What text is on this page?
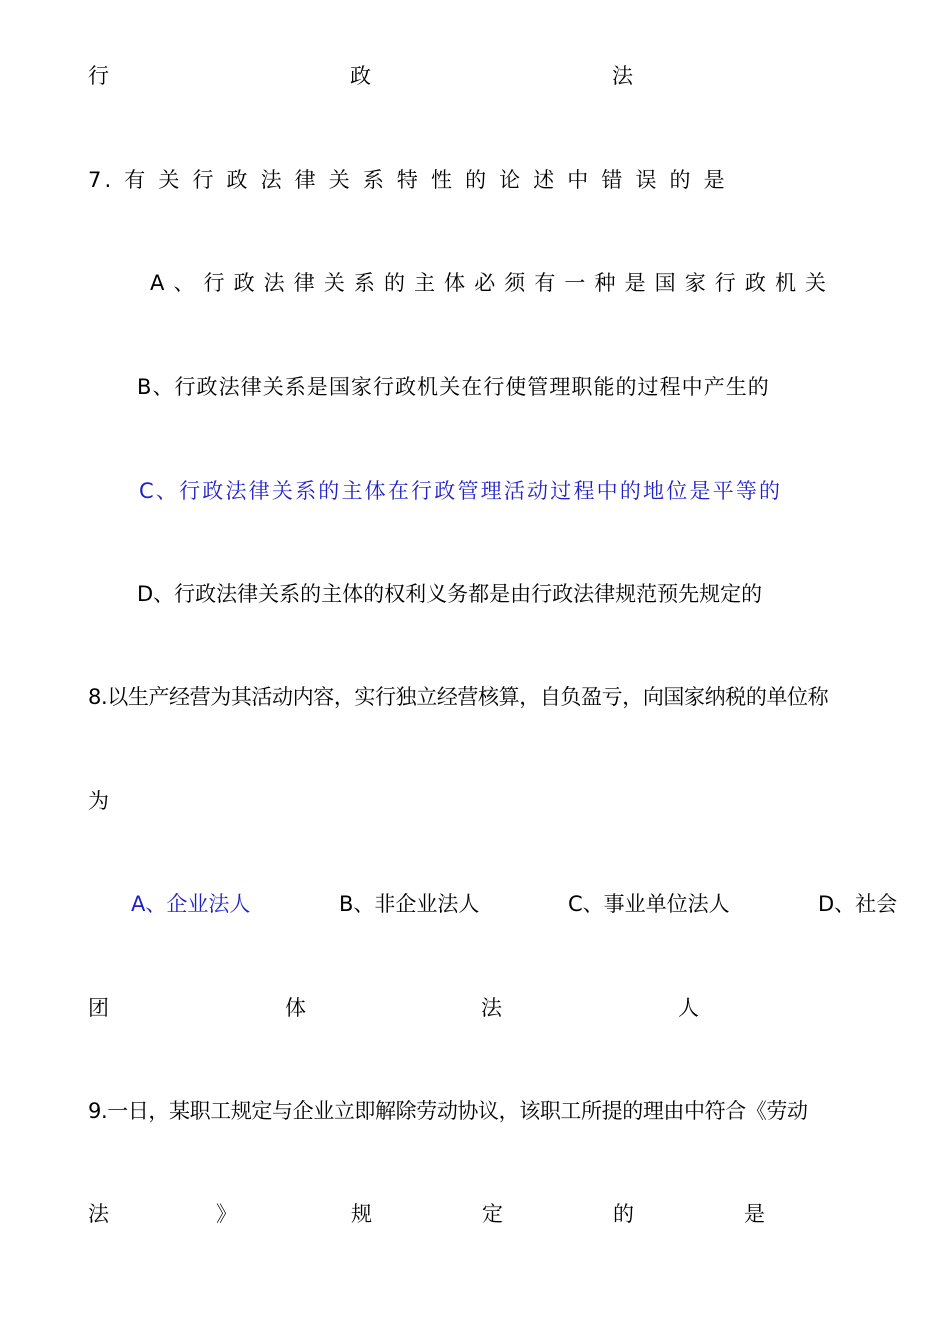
行	政	法
7. 有 关 行 政 法 律 关 系 特 性 的 论 述 中 错 误 的 是
A 、 行 政 法 律 关 系 的 主 体 必 须 有 一 种 是 国 家 行 政 机 关
B、行政法律关系是国家行政机关在行使管理职能的过程中产生的
C、行政法律关系的主体在行政管理活动过程中的地位是平等的
D、行政法律关系的主体的权利义务都是由行政法律规范预先规定的
8.以生产经营为其活动内容，实行独立经营核算，自负盈亏，向国家纳税的单位称
为
A、企业法人	B、非企业法人	C、事业单位法人	D、社会
团	体	法	人
9.一日，某职工规定与企业立即解除劳动协议，该职工所提的理由中符合《劳动
法	》	规	定	的	是
